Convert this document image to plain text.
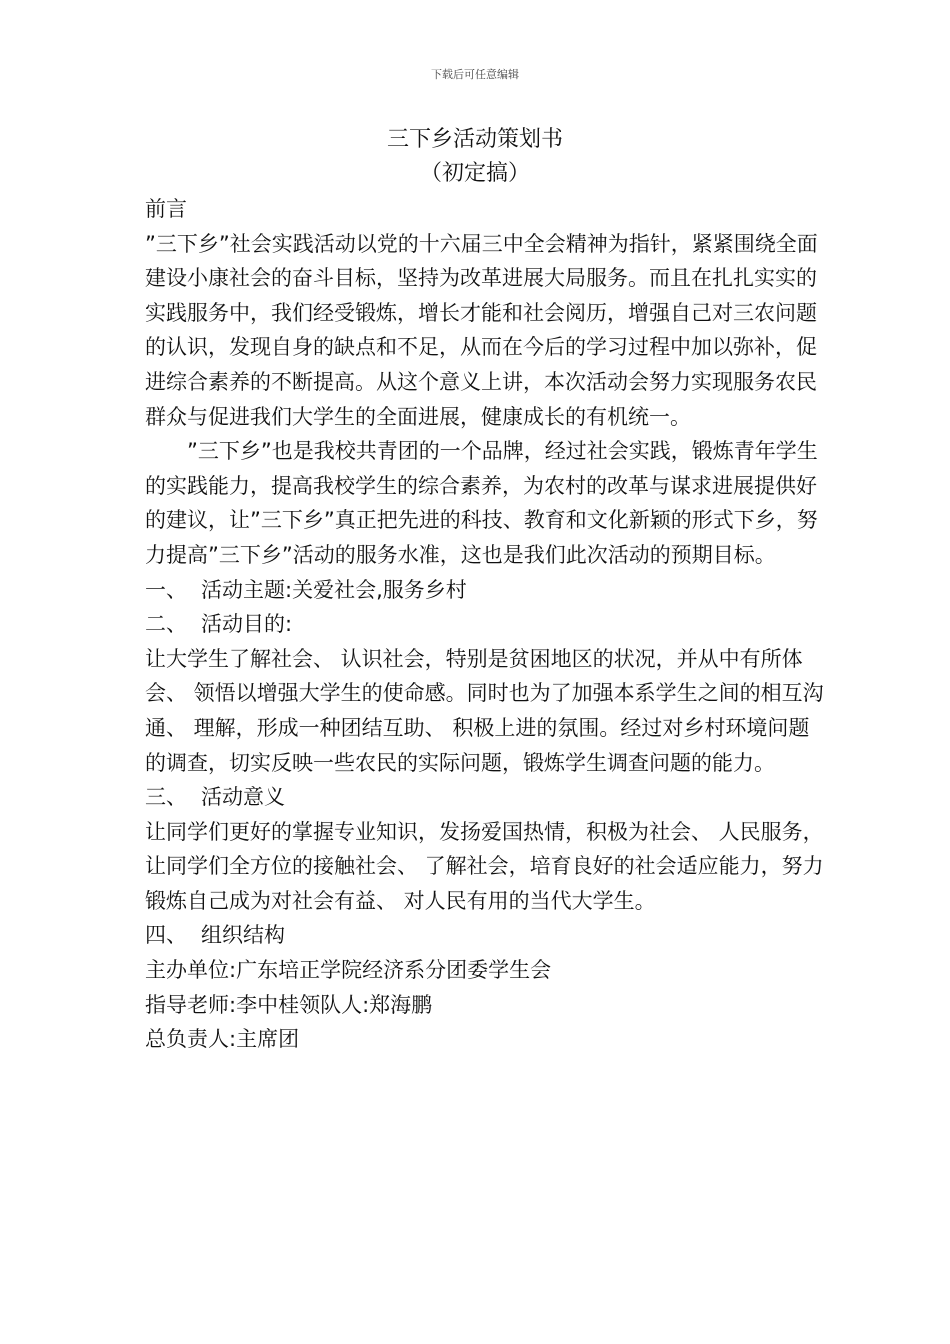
下载后可任意编辑
三下乡活动策划书
（初定搞）

前言

”三下乡”社会实践活动以党的十六届三中全会精神为指针，紧紧围绕全面建设小康社会的奋斗目标，坚持为改革进展大局服务。而且在扎扎实实的实践服务中，我们经受锻炼，增长才能和社会阅历，增强自己对三农问题的认识，发现自身的缺点和不足，从而在今后的学习过程中加以弥补，促进综合素养的不断提高。从这个意义上讲，本次活动会努力实现服务农民群众与促进我们大学生的全面进展，健康成长的有机统一。

”三下乡”也是我校共青团的一个品牌，经过社会实践，锻炼青年学生的实践能力，提高我校学生的综合素养，为农村的改革与谋求进展提供好的建议，让”三下乡”真正把先进的科技、教育和文化新颖的形式下乡，努力提高”三下乡”活动的服务水准，这也是我们此次活动的预期目标。

一、 活动主题:关爱社会,服务乡村
二、 活动目的:

让大学生了解社会、 认识社会，特别是贫困地区的状况，并从中有所体会、 领悟以增强大学生的使命感。同时也为了加强本系学生之间的相互沟通、 理解，形成一种团结互助、 积极上进的氛围。经过对乡村环境问题的调查，切实反映一些农民的实际问题，锻炼学生调查问题的能力。

三、 活动意义

让同学们更好的掌握专业知识，发扬爱国热情，积极为社会、 人民服务，让同学们全方位的接触社会、 了解社会，培育良好的社会适应能力，努力锻炼自己成为对社会有益、 对人民有用的当代大学生。

四、 组织结构

主办单位:广东培正学院经济系分团委学生会

指导老师:李中桂领队人:郑海鹏

总负责人:主席团
